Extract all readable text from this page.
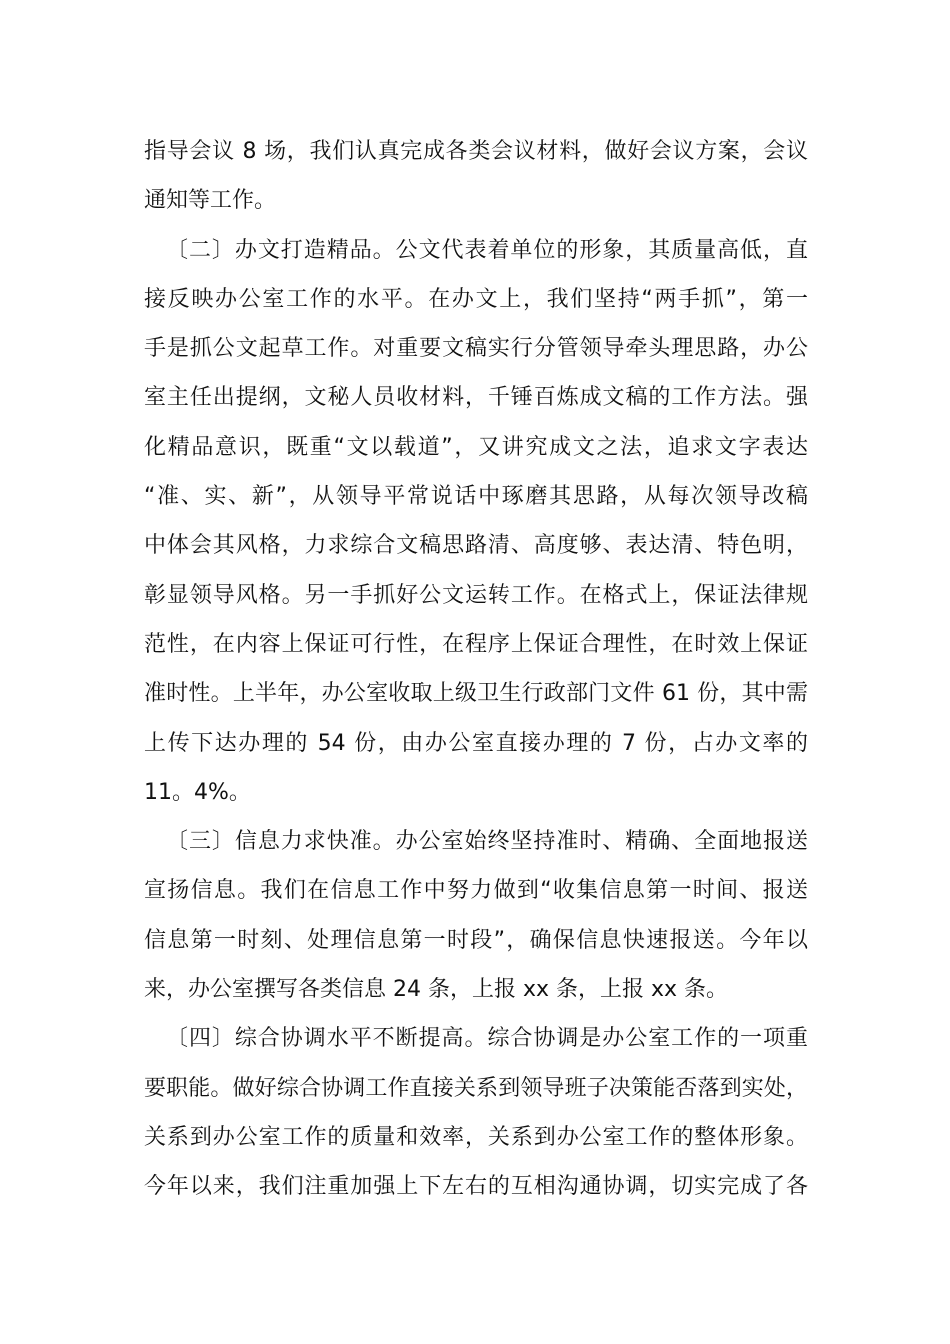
指导会议 8 场，我们认真完成各类会议材料，做好会议方案，会议
通知等工作。
〔二〕办文打造精品。公文代表着单位的形象，其质量高低，直
接反映办公室工作的水平。在办文上，我们坚持“两手抓”，第一
手是抓公文起草工作。对重要文稿实行分管领导牵头理思路，办公
室主任出提纲，文秘人员收材料，千锤百炼成文稿的工作方法。强
化精品意识，既重“文以载道”，又讲究成文之法，追求文字表达
“准、实、新”，从领导平常说话中琢磨其思路，从每次领导改稿
中体会其风格，力求综合文稿思路清、高度够、表达清、特色明，
彰显领导风格。另一手抓好公文运转工作。在格式上，保证法律规
范性，在内容上保证可行性，在程序上保证合理性，在时效上保证
准时性。上半年，办公室收取上级卫生行政部门文件 61 份，其中需
上传下达办理的 54 份，由办公室直接办理的 7 份，占办文率的
11。4%。
〔三〕信息力求快准。办公室始终坚持准时、精确、全面地报送
宣扬信息。我们在信息工作中努力做到“收集信息第一时间、报送
信息第一时刻、处理信息第一时段”，确保信息快速报送。今年以
来，办公室撰写各类信息 24 条，上报 xx 条，上报 xx 条。
〔四〕综合协调水平不断提高。综合协调是办公室工作的一项重
要职能。做好综合协调工作直接关系到领导班子决策能否落到实处，
关系到办公室工作的质量和效率，关系到办公室工作的整体形象。
今年以来，我们注重加强上下左右的互相沟通协调，切实完成了各
